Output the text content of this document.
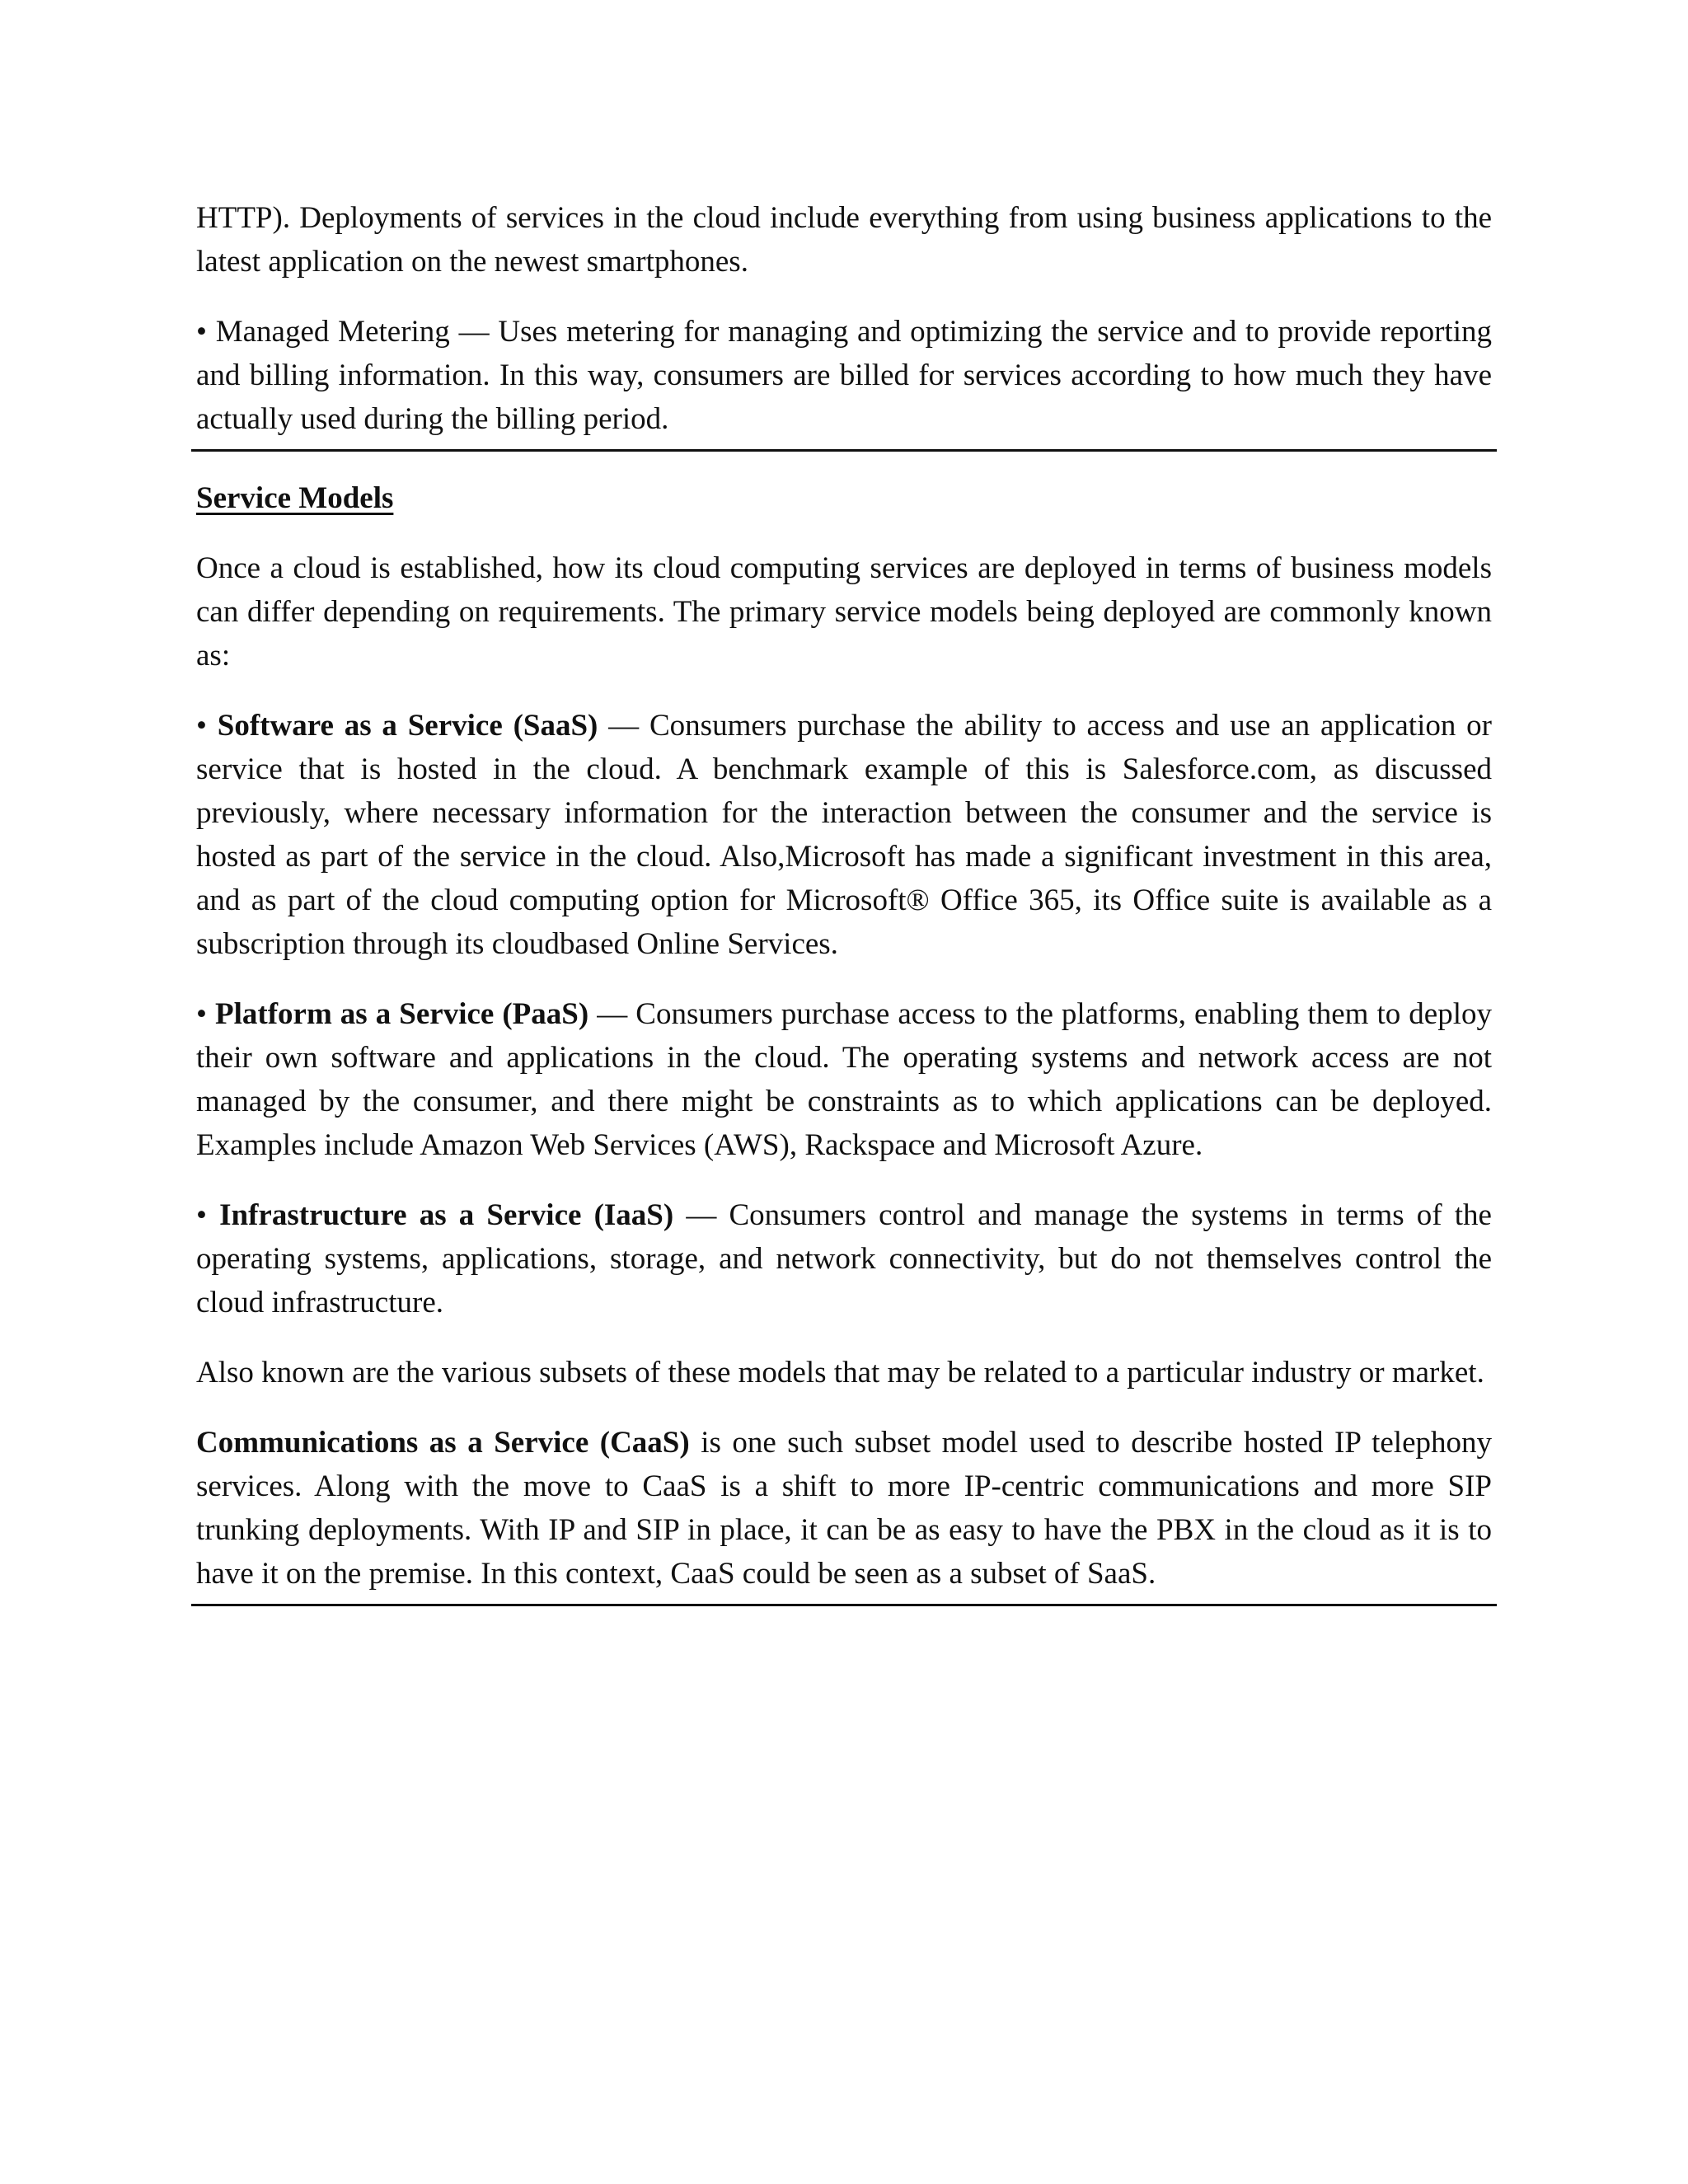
HTTP). Deployments of services in the cloud include everything from using business applications to the latest application on the newest smartphones.

• Managed Metering — Uses metering for managing and optimizing the service and to provide reporting and billing information. In this way, consumers are billed for services according to how much they have actually used during the billing period.

Service Models

Once a cloud is established, how its cloud computing services are deployed in terms of business models can differ depending on requirements. The primary service models being deployed are commonly known as:

• Software as a Service (SaaS) — Consumers purchase the ability to access and use an application or service that is hosted in the cloud. A benchmark example of this is Salesforce.com, as discussed previously, where necessary information for the interaction between the consumer and the service is hosted as part of the service in the cloud. Also,Microsoft has made a significant investment in this area, and as part of the cloud computing option for Microsoft® Office 365, its Office suite is available as a subscription through its cloudbased Online Services.

• Platform as a Service (PaaS) — Consumers purchase access to the platforms, enabling them to deploy their own software and applications in the cloud. The operating systems and network access are not managed by the consumer, and there might be constraints as to which applications can be deployed. Examples include Amazon Web Services (AWS), Rackspace and Microsoft Azure.

• Infrastructure as a Service (IaaS) — Consumers control and manage the systems in terms of the operating systems, applications, storage, and network connectivity, but do not themselves control the cloud infrastructure.

Also known are the various subsets of these models that may be related to a particular industry or market.

Communications as a Service (CaaS) is one such subset model used to describe hosted IP telephony services. Along with the move to CaaS is a shift to more IP-centric communications and more SIP trunking deployments. With IP and SIP in place, it can be as easy to have the PBX in the cloud as it is to have it on the premise. In this context, CaaS could be seen as a subset of SaaS.
